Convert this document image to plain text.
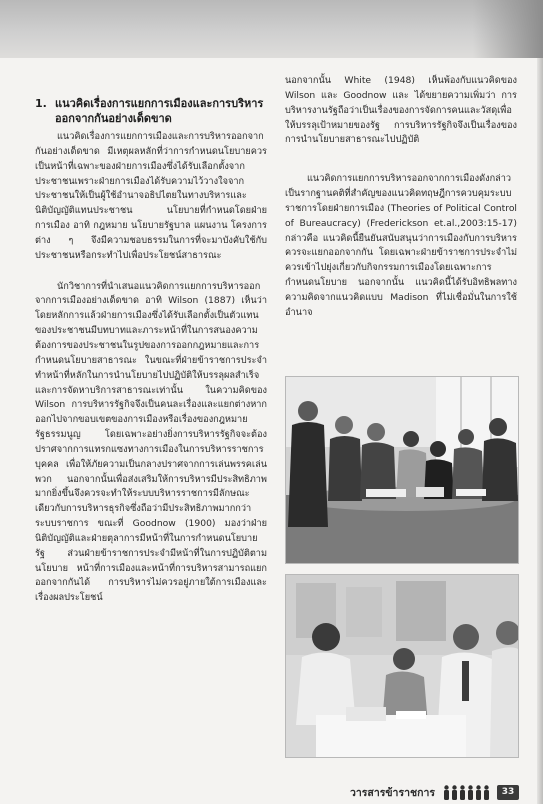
1. แนวคิดเรื่องการแยกการเมืองและการบริหารออกจากกันอย่างเด็ดขาด

แนวคิดเรื่องการแยกการเมืองและการบริหารออกจากกันอย่างเด็ดขาด มีเหตุผลหลักที่ว่าการกำหนดนโยบายควรเป็นหน้าที่เฉพาะของฝ่ายการเมืองซึ่งได้รับเลือกตั้งจากประชาชนเพราะฝ่ายการเมืองได้รับความไว้วางใจจากประชาชนให้เป็นผู้ใช้อำนาจอธิปไตยในทางบริหารและนิติบัญญัติแทนประชาชน นโยบายที่กำหนดโดยฝ่ายการเมือง อาทิ กฎหมาย นโยบายรัฐบาล แผนงาน โครงการต่าง ๆ จึงมีความชอบธรรมในการที่จะมาบังคับใช้กับประชาชนหรือกระทำไปเพื่อประโยชน์สาธารณะ

นักวิชาการที่นำเสนอแนวคิดการแยกการบริหารออกจากการเมืองอย่างเด็ดขาด อาทิ Wilson (1887) เห็นว่าโดยหลักการแล้วฝ่ายการเมืองซึ่งได้รับเลือกตั้งเป็นตัวแทนของประชาชนมีบทบาทและภาระหน้าที่ในการสนองความต้องการของประชาชนในรูปของการออกกฎหมายและการกำหนดนโยบายสาธารณะ ในขณะที่ฝ่ายข้าราชการประจำทำหน้าที่หลักในการนำนโยบายไปปฏิบัติให้บรรลุผลสำเร็จและการจัดหาบริการสาธารณะเท่านั้น ในความคิดของ Wilson การบริหารรัฐกิจจึงเป็นคนละเรื่องและแยกต่างหากออกไปจากขอบเขตของการเมืองหรือเรื่องของกฎหมายรัฐธรรมนูญ โดยเฉพาะอย่างยิ่งการบริหารรัฐกิจจะต้องปราศจากการแทรกแซงทางการเมืองในการบริหารราชการบุคคล เพื่อให้ภัยความเป็นกลางปราศจากการเล่นพรรคเล่นพวก นอกจากนั้นเพื่อส่งเสริมให้การบริหารมีประสิทธิภาพมากยิ่งขึ้นจึงควรจะทำให้ระบบบริหารราชการมีลักษณะเดียวกับการบริหารธุรกิจซึ่งถือว่ามีประสิทธิภาพมากกว่าระบบราชการ ขณะที่ Goodnow (1900) มองว่าฝ่ายนิติบัญญัติและฝ่ายตุลาการมีหน้าที่ในการกำหนดนโยบายรัฐ ส่วนฝ่ายข้าราชการประจำมีหน้าที่ในการปฏิบัติตามนโยบาย หน้าที่การเมืองและหน้าที่การบริหารสามารถแยกออกจากกันได้ การบริหารไม่ควรอยู่ภายใต้การเมืองและเรื่องผลประโยชน์

นอกจากนั้น White (1948) เห็นพ้องกับแนวคิดของ Wilson และ Goodnow และ ได้ขยายความเพิ่มว่า การบริหารงานรัฐถือว่าเป็นเรื่องของการจัดการคนและวัสดุเพื่อให้บรรลุเป้าหมายของรัฐ การบริหารรัฐกิจจึงเป็นเรื่องของการนำนโยบายสาธารณะไปปฏิบัติ

แนวคิดการแยกการบริหารออกจากการเมืองดังกล่าว เป็นรากฐานคติที่สำคัญของแนวคิดทฤษฎีการควบคุมระบบราชการโดยฝ่ายการเมือง (Theories of Political Control of Bureaucracy) (Frederickson et.al.,2003:15-17) กล่าวคือ แนวคิดนี้ยืนยันสนับสนุนว่าการเมืองกับการบริหารควรจะแยกออกจากกัน โดยเฉพาะฝ่ายข้าราชการประจำไม่ควรเข้าไปยุ่งเกี่ยวกับกิจกรรมการเมืองโดยเฉพาะการกำหนดนโยบาย นอกจากนั้น แนวคิดนี้ได้รับอิทธิพลทางความคิดจากแนวคิดแบบ Madison ที่ไม่เชื่อมั่นในการใช้อำนาจ

วารสารข้าราชการ	33
